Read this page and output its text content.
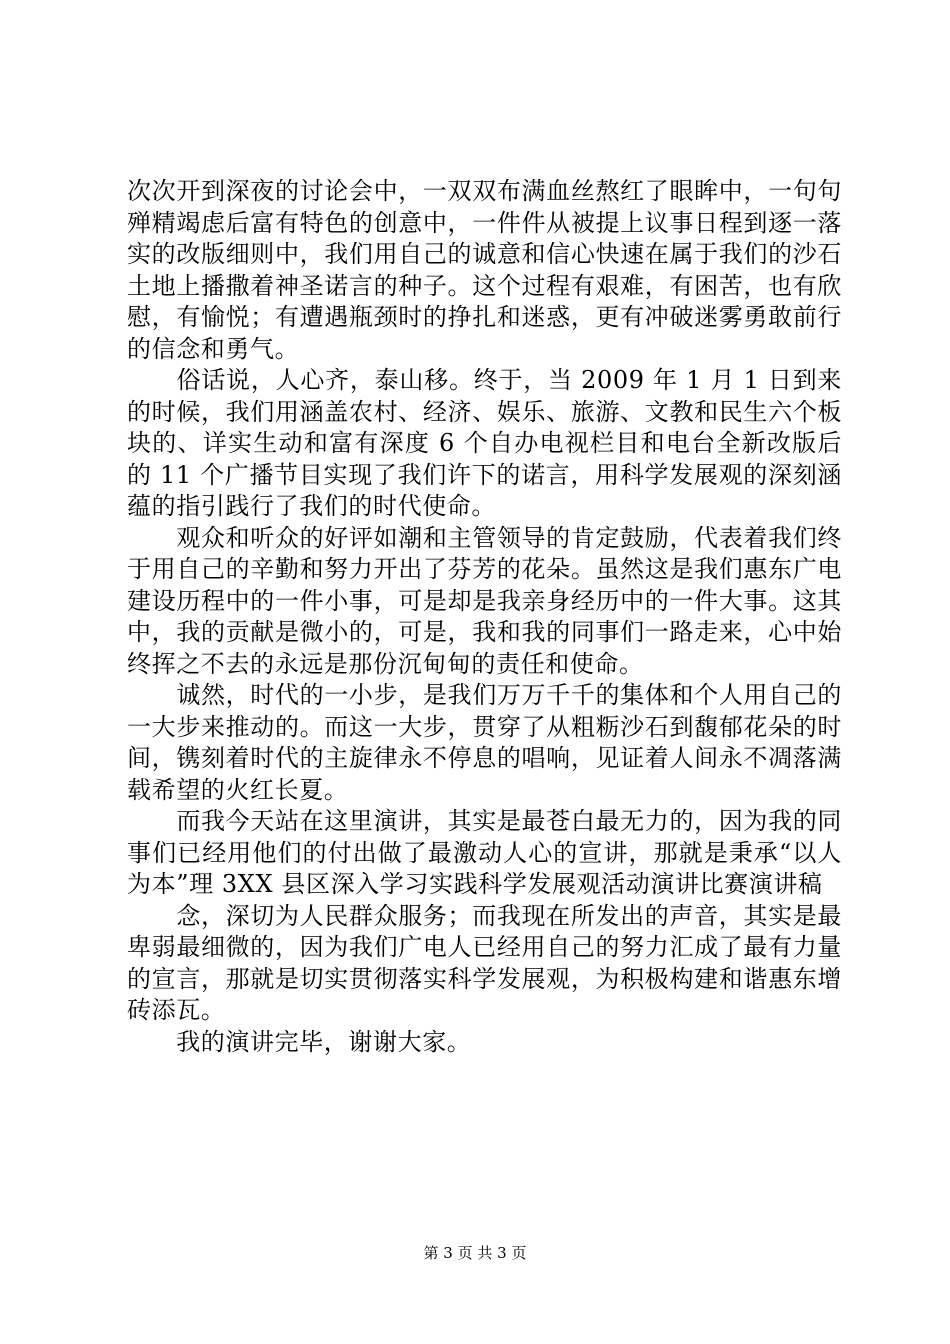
次次开到深夜的讨论会中，一双双布满血丝熬红了眼眸中，一句句殚精竭虑后富有特色的创意中，一件件从被提上议事日程到逐一落实的改版细则中，我们用自己的诚意和信心快速在属于我们的沙石土地上播撒着神圣诺言的种子。这个过程有艰难，有困苦，也有欣慰，有愉悦；有遭遇瓶颈时的挣扎和迷惑，更有冲破迷雾勇敢前行的信念和勇气。

　　俗话说，人心齐，泰山移。终于，当 2009 年 1 月 1 日到来的时候，我们用涵盖农村、经济、娱乐、旅游、文教和民生六个板块的、详实生动和富有深度 6 个自办电视栏目和电台全新改版后的 11 个广播节目实现了我们许下的诺言，用科学发展观的深刻涵蕴的指引践行了我们的时代使命。

　　观众和听众的好评如潮和主管领导的肯定鼓励，代表着我们终于用自己的辛勤和努力开出了芬芳的花朵。虽然这是我们惠东广电建设历程中的一件小事，可是却是我亲身经历中的一件大事。这其中，我的贡献是微小的，可是，我和我的同事们一路走来，心中始终挥之不去的永远是那份沉甸甸的责任和使命。

　　诚然，时代的一小步，是我们万万千千的集体和个人用自己的一大步来推动的。而这一大步，贯穿了从粗粝沙石到馥郁花朵的时间，镌刻着时代的主旋律永不停息的唱响，见证着人间永不凋落满载希望的火红长夏。

　　而我今天站在这里演讲，其实是最苍白最无力的，因为我的同事们已经用他们的付出做了最激动人心的宣讲，那就是秉承“以人为本”理 3XX 县区深入学习实践科学发展观活动演讲比赛演讲稿

　　念，深切为人民群众服务；而我现在所发出的声音，其实是最卑弱最细微的，因为我们广电人已经用自己的努力汇成了最有力量的宣言，那就是切实贯彻落实科学发展观，为积极构建和谐惠东增砖添瓦。

　　我的演讲完毕，谢谢大家。

第 3 页 共 3 页
